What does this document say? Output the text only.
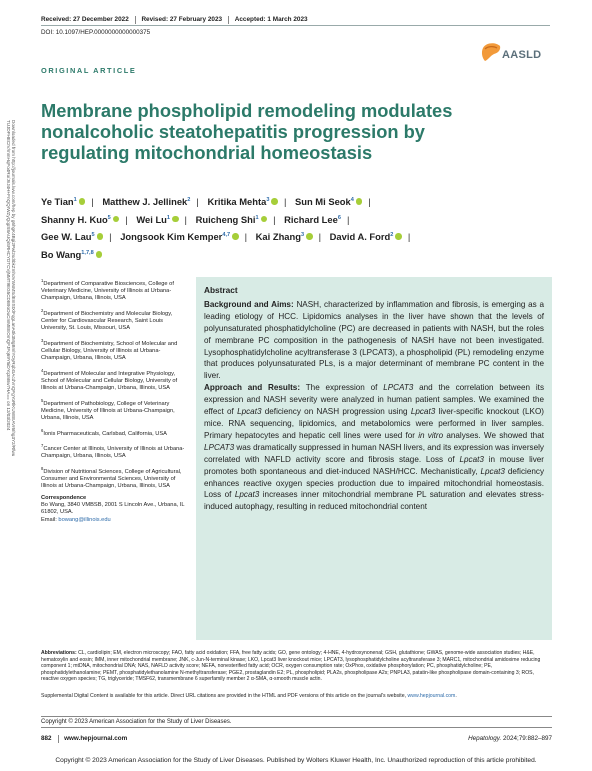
Received: 27 December 2022 Revised: 27 February 2023 Accepted: 1 March 2023
DOI: 10.1097/HEP.0000000000000375
AASLD
ORIGINAL ARTICLE
Downloaded from http://journals.lww.com/hep by g6hgK4Bgi2Pwl2sdIbkZmhoVWsMSdEnIStXlFqgLanA0k3MgBmlYOyRqbGAcdVnQFgYoRlKUnEEAVr6Ihg3Y2/Rfwu
TUJDFHECIV/mmHqFo4Ro/JnJ4H+FnQQrWZyQqpS8AUQiSRHCYDTCVjNMT9EG5CDB9oOuCmMEEOmQFJFq69Y5iDYq3nBw7HA== on 12/03/2024
Membrane phospholipid remodeling modulates nonalcoholic steatohepatitis progression by regulating mitochondrial homeostasis
Ye Tian$^1$ | Matthew J. Jellinek$^2$ | Kritika Mehta$^3$ | Sun Mi Seok$^4$ |
Shanny H. Kuo$^5$ | Wei Lu$^1$ | Ruicheng Shi$^1$ | Richard Lee$^6$ |
Gee W. Lau$^5$ | Jongsook Kim Kemper$^{4,7}$ | Kai Zhang$^3$ | David A. Ford$^2$ |
Bo Wang$^{1,7,8}$

$^1$Department of Comparative Biosciences, College of Veterinary Medicine, University of Illinois at Urbana-Champaign, Urbana, Illinois, USA

$^2$Department of Biochemistry and Molecular Biology, Center for Cardiovascular Research, Saint Louis University, St. Louis, Missouri, USA

$^3$Department of Biochemistry, School of Molecular and Cellular Biology, University of Illinois at Urbana-Champaign, Urbana, Illinois, USA

$^4$Department of Molecular and Integrative Physiology, School of Molecular and Cellular Biology, University of Illinois at Urbana-Champaign, Urbana, Illinois, USA

$^5$Department of Pathobiology, College of Veterinary Medicine, University of Illinois at Urbana-Champaign, Urbana, Illinois, USA

$^6$Ionis Pharmaceuticals, Carlsbad, California, USA

$^7$Cancer Center at Illinois, University of Illinois at Urbana-Champaign, Urbana, Illinois, USA

$^8$Division of Nutritional Sciences, College of Agricultural, Consumer and Environmental Sciences, University of Illinois at Urbana-Champaign, Urbana, Illinois, USA

Correspondence
Bo Wang, 3840 VMBSB, 2001 S Lincoln Ave., Urbana, IL 61802, USA.
Email: bowang@illinois.edu
Abstract

Background and Aims: NASH, characterized by inflammation and fibrosis, is emerging as a leading etiology of HCC. Lipidomics analyses in the liver have shown that the levels of polyunsaturated phosphatidylcholine (PC) are decreased in patients with NASH, but the roles of membrane PC composition in the pathogenesis of NASH have not been investigated. Lysophosphatidylcholine acyltransferase 3 (LPCAT3), a phospholipid (PL) remodeling enzyme that produces polyunsaturated PLs, is a major determinant of membrane PC content in the liver.

Approach and Results: The expression of LPCAT3 and the correlation between its expression and NASH severity were analyzed in human patient samples. We examined the effect of Lpcat3 deficiency on NASH progression using Lpcat3 liver-specific knockout (LKO) mice. RNA sequencing, lipidomics, and metabolomics were performed in liver samples. Primary hepatocytes and hepatic cell lines were used for in vitro analyses. We showed that LPCAT3 was dramatically suppressed in human NASH livers, and its expression was inversely correlated with NAFLD activity score and fibrosis stage. Loss of Lpcat3 in mouse liver promotes both spontaneous and diet-induced NASH/HCC. Mechanistically, Lpcat3 deficiency enhances reactive oxygen species production due to impaired mitochondrial homeostasis. Loss of Lpcat3 increases inner mitochondrial membrane PL saturation and elevates stress-induced autophagy, resulting in reduced mitochondrial content

Abbreviations: CL, cardiolipin; EM, electron microscopy; FAO, fatty acid oxidation; FFA, free fatty acids; GO, gene ontology; 4-HNE, 4-hydroxynonenal; GSH, glutathione; GWAS, genome-wide association studies; H&E, hematoxylin and eosin; IMM, inner mitochondrial membrane; JNK, c-Jun-N-terminal kinase; LKO, Lpcat3 liver knockout mice; LPCAT3, lysophosphatidylcholine acyltransferase 3; MARC1, mitochondrial amidoxime reducing component 1; mtDNA, mitochondrial DNA; NAS, NAFLD activity score; NEFA, nonesterified fatty acid; OCR, oxygen consumption rate; OxPhos, oxidative phosphorylation; PC, phosphatidylcholine; PE, phosphatidylethanolamine; PEMT, phosphatidylethanolamine N-methyltransferase; PGE2, prostaglandin E2; PL, phospholipid; PLA2s, phospholipase A2s; PNPLA3, patatin-like phospholipase domain-containing 3; ROS, reactive oxygen species; TG, triglyceride; TMSF62, transmembrane 6 superfamily member 2 α-SMA, α-smooth muscle actin.
Supplemental Digital Content is available for this article. Direct URL citations are provided in the HTML and PDF versions of this article on the journal's website, www.hepjournal.com.
Copyright © 2023 American Association for the Study of Liver Diseases.
882 www.hepjournal.com	Hepatology. 2024;79:882–897
Copyright © 2023 American Association for the Study of Liver Diseases. Published by Wolters Kluwer Health, Inc. Unauthorized reproduction of this article prohibited.
